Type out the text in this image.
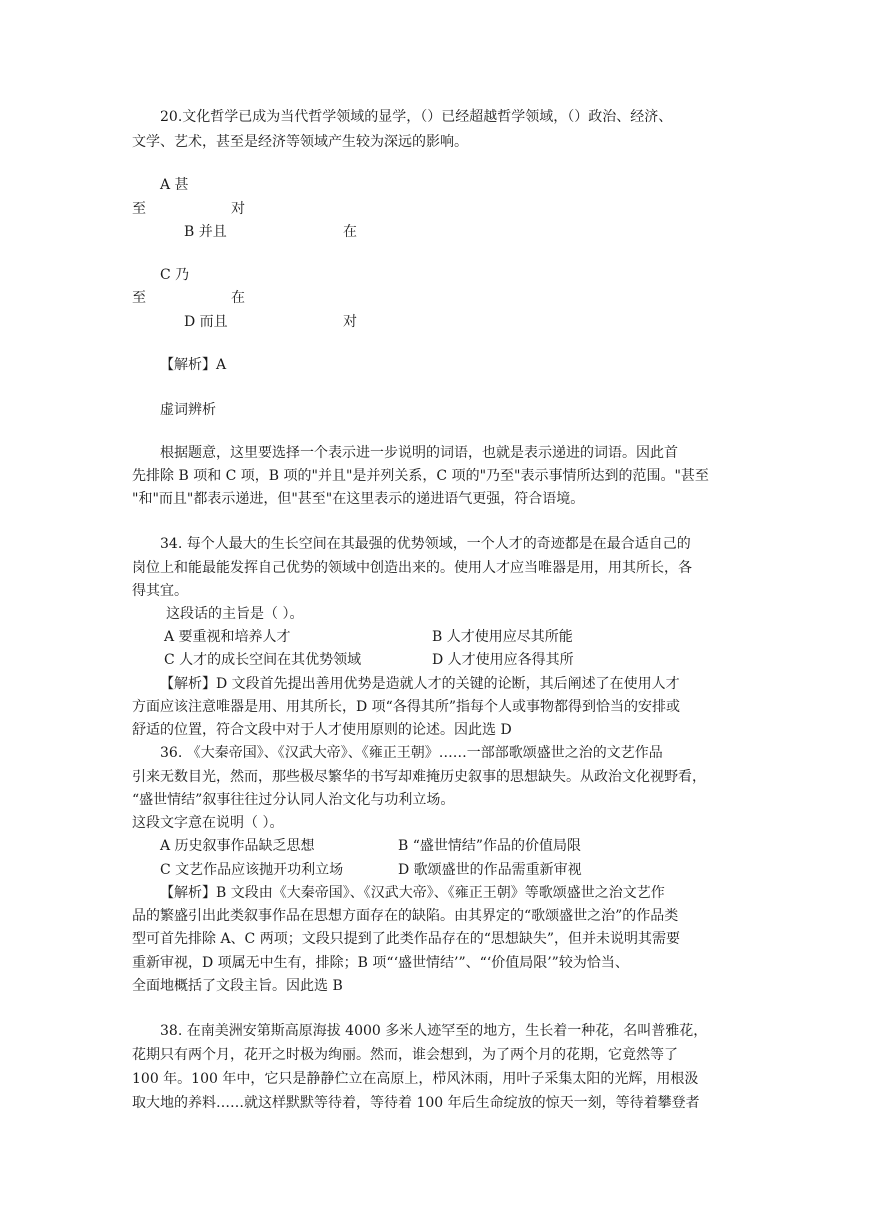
20.文化哲学已成为当代哲学领域的显学，（）已经超越哲学领域，（）政治、经济、
文学、艺术，甚至是经济等领域产生较为深远的影响。
A 甚
至	对
B 并且	在
C 乃
至	在
D 而且	对
【解析】A
虚词辨析
根据题意，这里要选择一个表示进一步说明的词语，也就是表示递进的词语。因此首
先排除 B 项和 C 项，B 项的"并且"是并列关系，C 项的"乃至"表示事情所达到的范围。"甚至
"和"而且"都表示递进，但"甚至"在这里表示的递进语气更强，符合语境。
34. 每个人最大的生长空间在其最强的优势领域，一个人才的奇迹都是在最合适自己的
岗位上和能最能发挥自己优势的领域中创造出来的。使用人才应当唯器是用，用其所长，各
得其宜。
这段话的主旨是（ ）。
A 要重视和培养人才	B 人才使用应尽其所能
C 人才的成长空间在其优势领域	D 人才使用应各得其所
【解析】D 文段首先提出善用优势是造就人才的关键的论断，其后阐述了在使用人才
方面应该注意唯器是用、用其所长，D 项“各得其所”指每个人或事物都得到恰当的安排或
舒适的位置，符合文段中对于人才使用原则的论述。因此选 D
36. 《大秦帝国》、《汉武大帝》、《雍正王朝》……一部部歌颂盛世之治的文艺作品
引来无数目光，然而，那些极尽繁华的书写却难掩历史叙事的思想缺失。从政治文化视野看，
“盛世情结”叙事往往过分认同人治文化与功利立场。
这段文字意在说明（ ）。
A 历史叙事作品缺乏思想	B “盛世情结”作品的价值局限
C 文艺作品应该抛开功利立场	D 歌颂盛世的作品需重新审视
【解析】B 文段由《大秦帝国》、《汉武大帝》、《雍正王朝》等歌颂盛世之治文艺作
品的繁盛引出此类叙事作品在思想方面存在的缺陷。由其界定的“歌颂盛世之治”的作品类
型可首先排除 A、C 两项；文段只提到了此类作品存在的“思想缺失”，但并未说明其需要
重新审视，D 项属无中生有，排除；B 项“‘盛世情结’”、“‘价值局限’”较为恰当、
全面地概括了文段主旨。因此选 B
38. 在南美洲安第斯高原海拔 4000 多米人迹罕至的地方，生长着一种花，名叫普雅花，
花期只有两个月，花开之时极为绚丽。然而，谁会想到，为了两个月的花期，它竟然等了
100 年。100 年中，它只是静静伫立在高原上，栉风沐雨，用叶子采集太阳的光辉，用根汲
取大地的养料……就这样默默等待着，等待着 100 年后生命绽放的惊天一刻，等待着攀登者
